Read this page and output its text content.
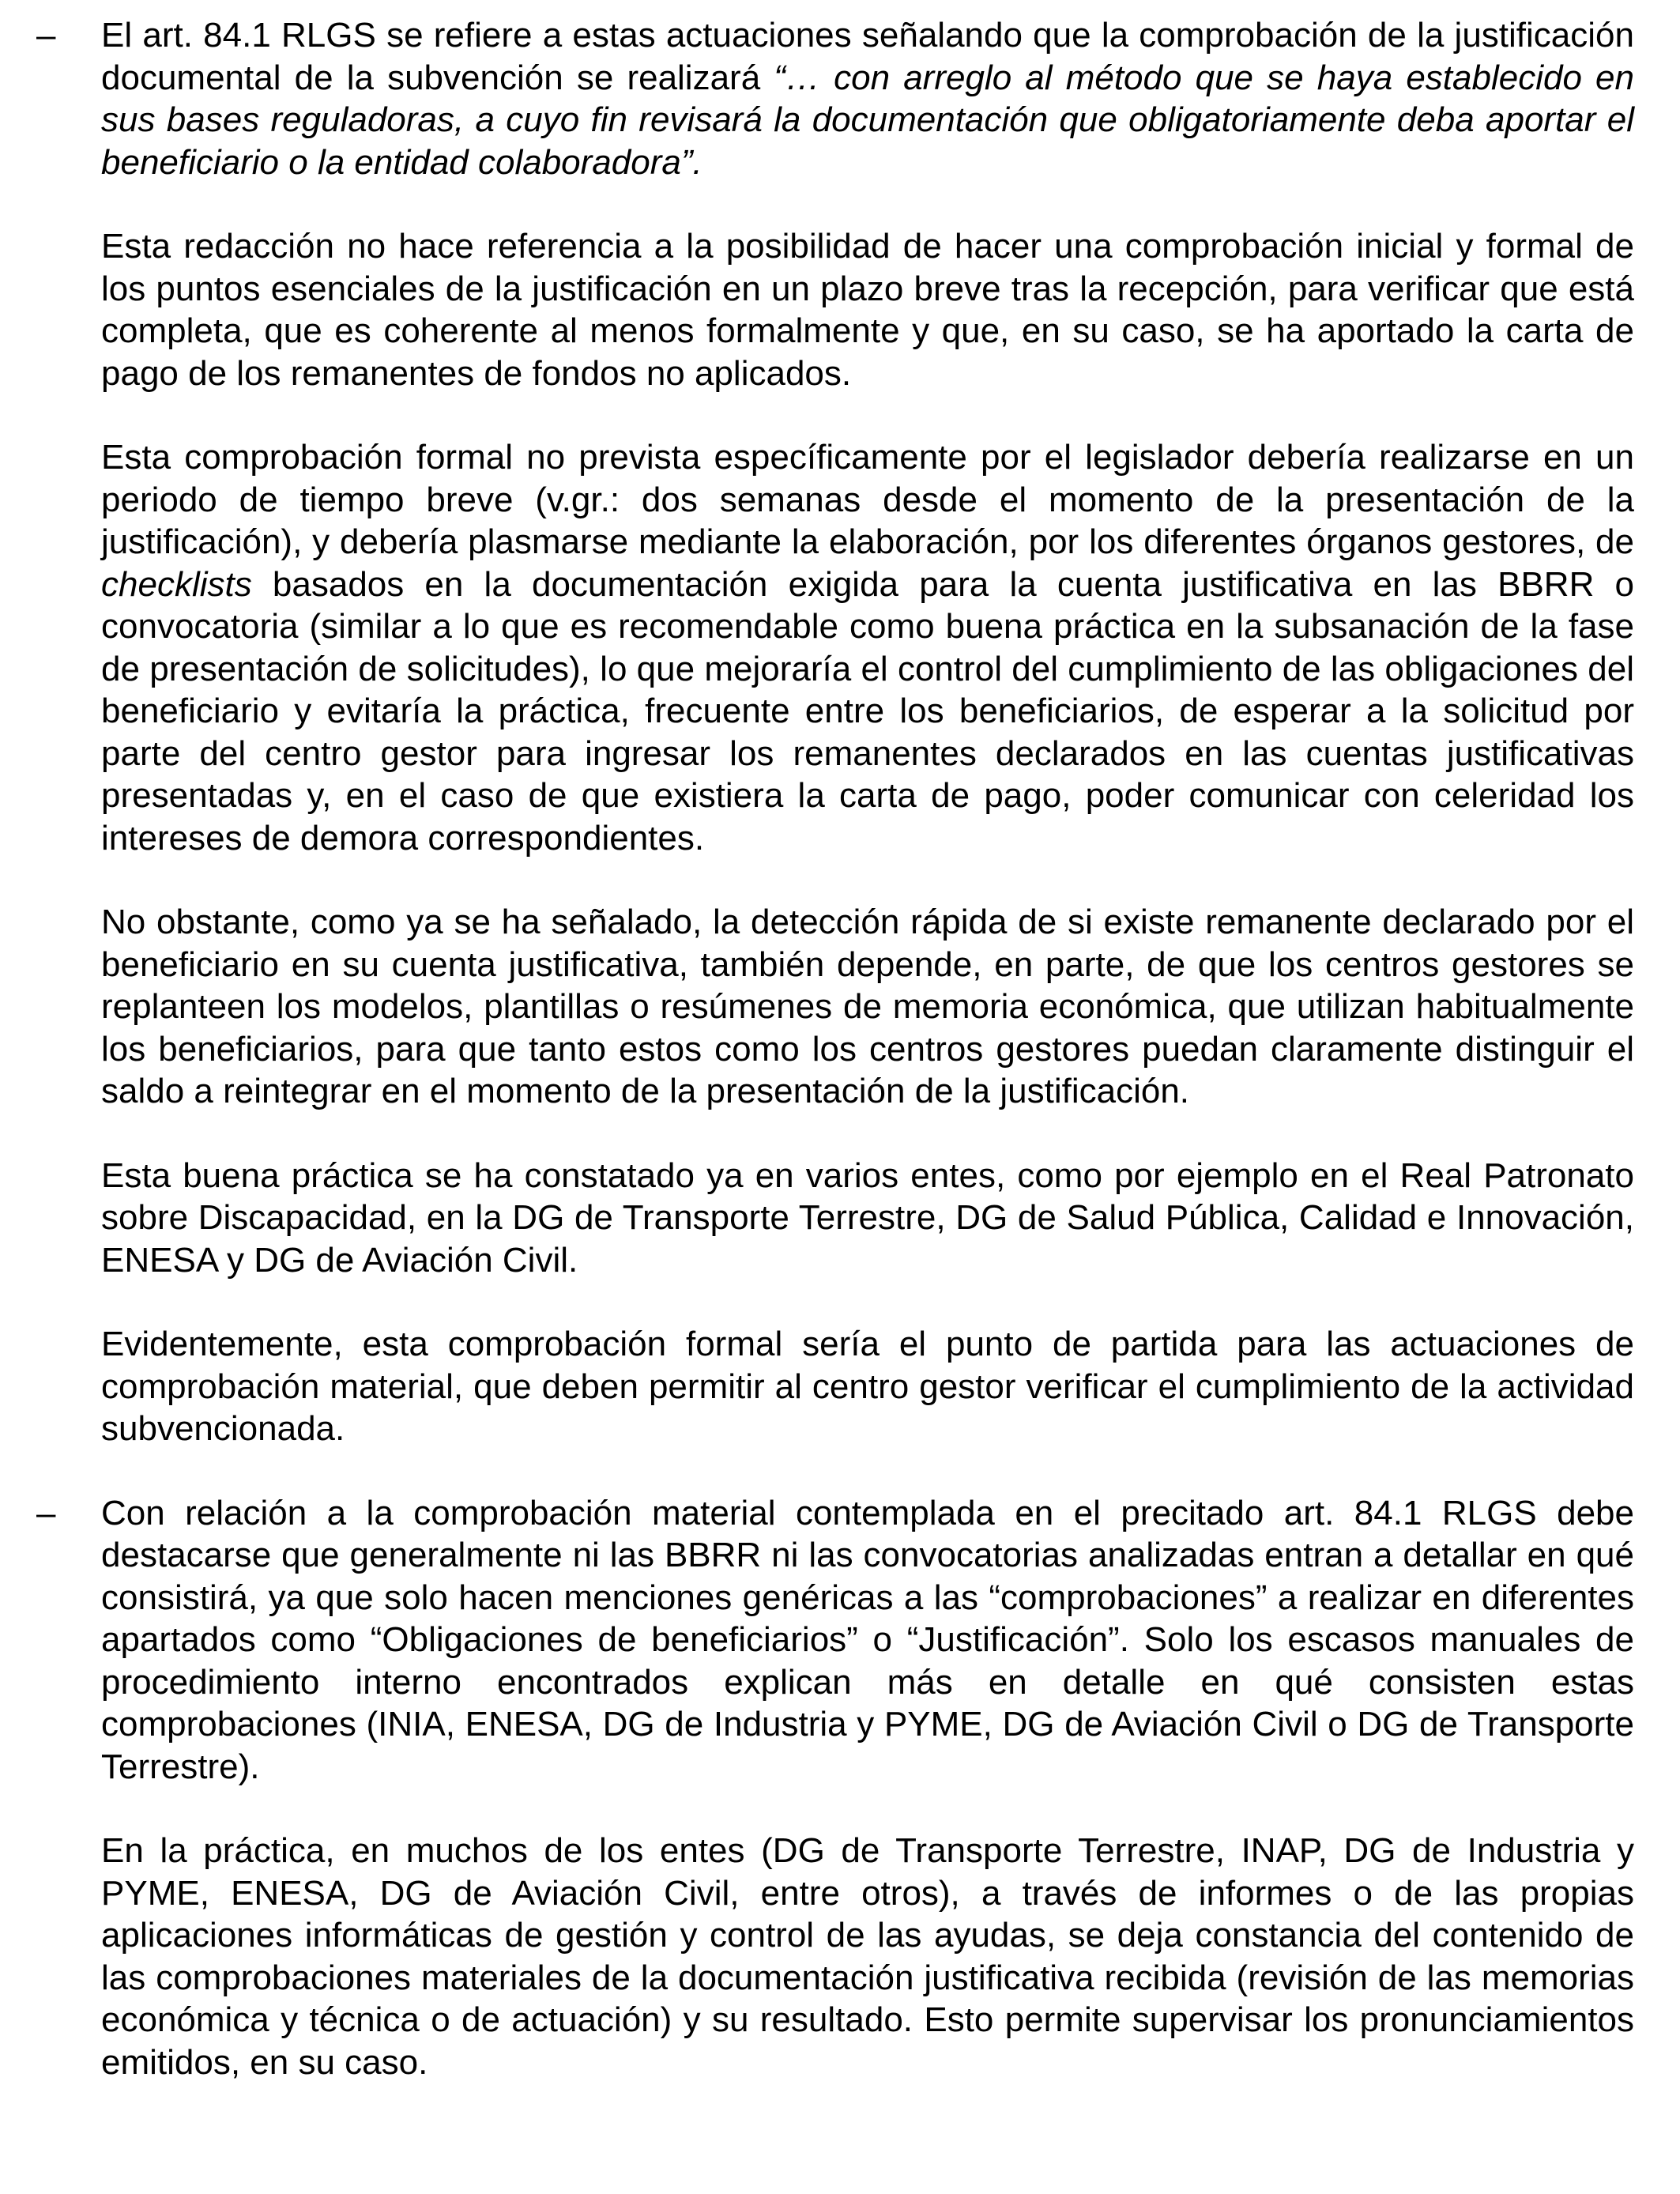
– El art. 84.1 RLGS se refiere a estas actuaciones señalando que la comprobación de la justificación documental de la subvención se realizará “… con arreglo al método que se haya establecido en sus bases reguladoras, a cuyo fin revisará la documentación que obligatoriamente deba aportar el beneficiario o la entidad colaboradora”.

Esta redacción no hace referencia a la posibilidad de hacer una comprobación inicial y formal de los puntos esenciales de la justificación en un plazo breve tras la recepción, para verificar que está completa, que es coherente al menos formalmente y que, en su caso, se ha aportado la carta de pago de los remanentes de fondos no aplicados.

Esta comprobación formal no prevista específicamente por el legislador debería realizarse en un periodo de tiempo breve (v.gr.: dos semanas desde el momento de la presentación de la justificación), y debería plasmarse mediante la elaboración, por los diferentes órganos gestores, de checklists basados en la documentación exigida para la cuenta justificativa en las BBRR o convocatoria (similar a lo que es recomendable como buena práctica en la subsanación de la fase de presentación de solicitudes), lo que mejoraría el control del cumplimiento de las obligaciones del beneficiario y evitaría la práctica, frecuente entre los beneficiarios, de esperar a la solicitud por parte del centro gestor para ingresar los remanentes declarados en las cuentas justificativas presentadas y, en el caso de que existiera la carta de pago, poder comunicar con celeridad los intereses de demora correspondientes.

No obstante, como ya se ha señalado, la detección rápida de si existe remanente declarado por el beneficiario en su cuenta justificativa, también depende, en parte, de que los centros gestores se replanteen los modelos, plantillas o resúmenes de memoria económica, que utilizan habitualmente los beneficiarios, para que tanto estos como los centros gestores puedan claramente distinguir el saldo a reintegrar en el momento de la presentación de la justificación.

Esta buena práctica se ha constatado ya en varios entes, como por ejemplo en el Real Patronato sobre Discapacidad, en la DG de Transporte Terrestre, DG de Salud Pública, Calidad e Innovación, ENESA y DG de Aviación Civil.

Evidentemente, esta comprobación formal sería el punto de partida para las actuaciones de comprobación material, que deben permitir al centro gestor verificar el cumplimiento de la actividad subvencionada.

– Con relación a la comprobación material contemplada en el precitado art. 84.1 RLGS debe destacarse que generalmente ni las BBRR ni las convocatorias analizadas entran a detallar en qué consistirá, ya que solo hacen menciones genéricas a las “comprobaciones” a realizar en diferentes apartados como “Obligaciones de beneficiarios” o “Justificación”. Solo los escasos manuales de procedimiento interno encontrados explican más en detalle en qué consisten estas comprobaciones (INIA, ENESA, DG de Industria y PYME, DG de Aviación Civil o DG de Transporte Terrestre).

En la práctica, en muchos de los entes (DG de Transporte Terrestre, INAP, DG de Industria y PYME, ENESA, DG de Aviación Civil, entre otros), a través de informes o de las propias aplicaciones informáticas de gestión y control de las ayudas, se deja constancia del contenido de las comprobaciones materiales de la documentación justificativa recibida (revisión de las memorias económica y técnica o de actuación) y su resultado. Esto permite supervisar los pronunciamientos emitidos, en su caso.
